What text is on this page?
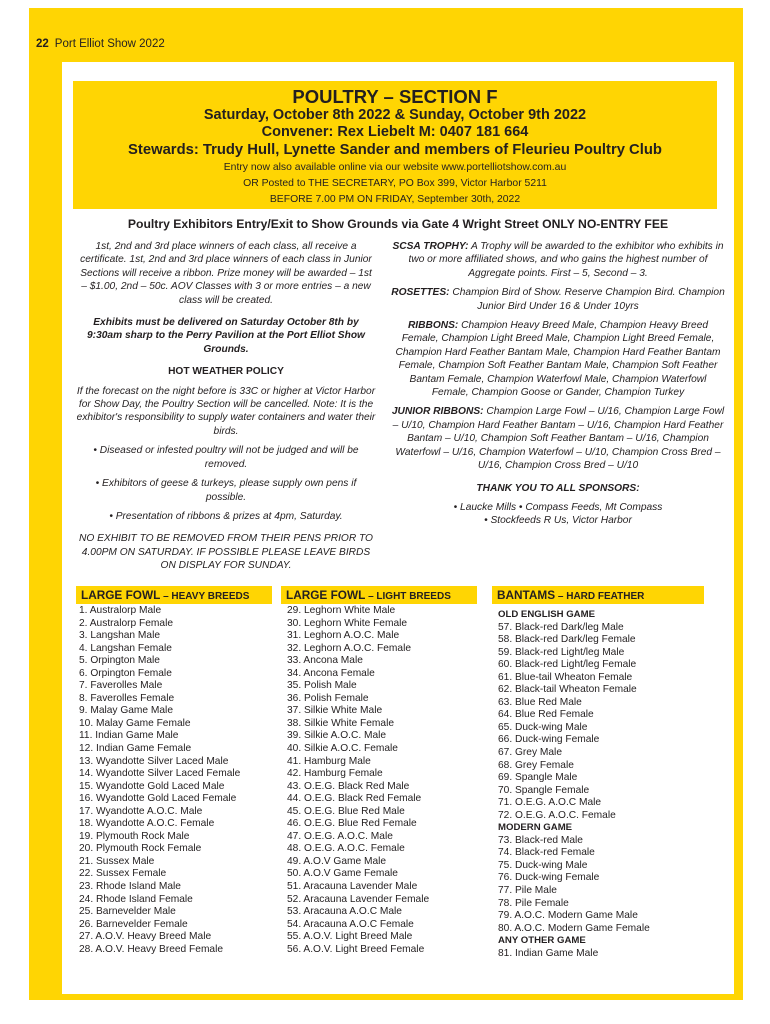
22 Port Elliot Show 2022
POULTRY – SECTION F
Saturday, October 8th 2022 & Sunday, October 9th 2022
Convener: Rex Liebelt M: 0407 181 664
Stewards: Trudy Hull, Lynette Sander and members of Fleurieu Poultry Club
Entry now also available online via our website www.portelliotshow.com.au
OR Posted to THE SECRETARY, PO Box 399, Victor Harbor 5211
BEFORE 7.00 PM ON FRIDAY, September 30th, 2022
Poultry Exhibitors Entry/Exit to Show Grounds via Gate 4 Wright Street ONLY NO-ENTRY FEE

1st, 2nd and 3rd place winners of each class, all receive a certificate. 1st, 2nd and 3rd place winners of each class in Junior Sections will receive a ribbon. Prize money will be awarded – 1st – $1.00, 2nd – 50c. AOV Classes with 3 or more entries – a new class will be created.

Exhibits must be delivered on Saturday October 8th by 9:30am sharp to the Perry Pavilion at the Port Elliot Show Grounds.

HOT WEATHER POLICY

If the forecast on the night before is 33C or higher at Victor Harbor for Show Day, the Poultry Section will be cancelled. Note: It is the exhibitor's responsibility to supply water containers and water their birds.

• Diseased or infested poultry will not be judged and will be removed.

• Exhibitors of geese & turkeys, please supply own pens if possible.

• Presentation of ribbons & prizes at 4pm, Saturday.

NO EXHIBIT TO BE REMOVED FROM THEIR PENS PRIOR TO 4.00PM ON SATURDAY. IF POSSIBLE PLEASE LEAVE BIRDS ON DISPLAY FOR SUNDAY.

SCSA TROPHY: A Trophy will be awarded to the exhibitor who exhibits in two or more affiliated shows, and who gains the highest number of Aggregate points. First – 5, Second – 3.

ROSETTES: Champion Bird of Show. Reserve Champion Bird. Champion Junior Bird Under 16 & Under 10yrs

RIBBONS: Champion Heavy Breed Male, Champion Heavy Breed Female, Champion Light Breed Male, Champion Light Breed Female, Champion Hard Feather Bantam Male, Champion Hard Feather Bantam Female, Champion Soft Feather Bantam Male, Champion Soft Feather Bantam Female, Champion Waterfowl Male, Champion Waterfowl Female, Champion Goose or Gander, Champion Turkey

JUNIOR RIBBONS: Champion Large Fowl – U/16, Champion Large Fowl – U/10, Champion Hard Feather Bantam – U/16, Champion Hard Feather Bantam – U/10, Champion Soft Feather Bantam – U/16, Champion Waterfowl – U/16, Champion Waterfowl – U/10, Champion Cross Bred – U/16, Champion Cross Bred – U/10

THANK YOU TO ALL SPONSORS:

• Laucke Mills • Compass Feeds, Mt Compass
• Stockfeeds R Us, Victor Harbor
LARGE FOWL – HEAVY BREEDS	LARGE FOWL – LIGHT BREEDS	BANTAMS – HARD FEATHER
1. Australorp Male
2. Australorp Female
3. Langshan Male
4. Langshan Female
5. Orpington Male
6. Orpington Female
7. Faverolles Male
8. Faverolles Female
9. Malay Game Male
10. Malay Game Female
11. Indian Game Male
12. Indian Game Female
13. Wyandotte Silver Laced Male
14. Wyandotte Silver Laced Female
15. Wyandotte Gold Laced Male
16. Wyandotte Gold Laced Female
17. Wyandotte A.O.C. Male
18. Wyandotte A.O.C. Female
19. Plymouth Rock Male
20. Plymouth Rock Female
21. Sussex Male
22. Sussex Female
23. Rhode Island Male
24. Rhode Island Female
25. Barnevelder Male
26. Barnevelder Female
27. A.O.V. Heavy Breed Male
28. A.O.V. Heavy Breed Female
29. Leghorn White Male
30. Leghorn White Female
31. Leghorn A.O.C. Male
32. Leghorn A.O.C. Female
33. Ancona Male
34. Ancona Female
35. Polish Male
36. Polish Female
37. Silkie White Male
38. Silkie White Female
39. Silkie A.O.C. Male
40. Silkie A.O.C. Female
41. Hamburg Male
42. Hamburg Female
43. O.E.G. Black Red Male
44. O.E.G. Black Red Female
45. O.E.G. Blue Red Male
46. O.E.G. Blue Red Female
47. O.E.G. A.O.C. Male
48. O.E.G. A.O.C. Female
49. A.O.V Game Male
50. A.O.V Game Female
51. Aracauna Lavender Male
52. Aracauna Lavender Female
53. Aracauna A.O.C Male
54. Aracauna A.O.C Female
55. A.O.V. Light Breed Male
56. A.O.V. Light Breed Female
OLD ENGLISH GAME
57. Black-red Dark/leg Male
58. Black-red Dark/leg Female
59. Black-red Light/leg Male
60. Black-red Light/leg Female
61. Blue-tail Wheaton Female
62. Black-tail Wheaton Female
63. Blue Red Male
64. Blue Red Female
65. Duck-wing Male
66. Duck-wing Female
67. Grey Male
68. Grey Female
69. Spangle Male
70. Spangle Female
71. O.E.G. A.O.C Male
72. O.E.G. A.O.C. Female
MODERN GAME
73. Black-red Male
74. Black-red Female
75. Duck-wing Male
76. Duck-wing Female
77. Pile Male
78. Pile Female
79. A.O.C. Modern Game Male
80. A.O.C. Modern Game Female
ANY OTHER GAME
81. Indian Game Male
